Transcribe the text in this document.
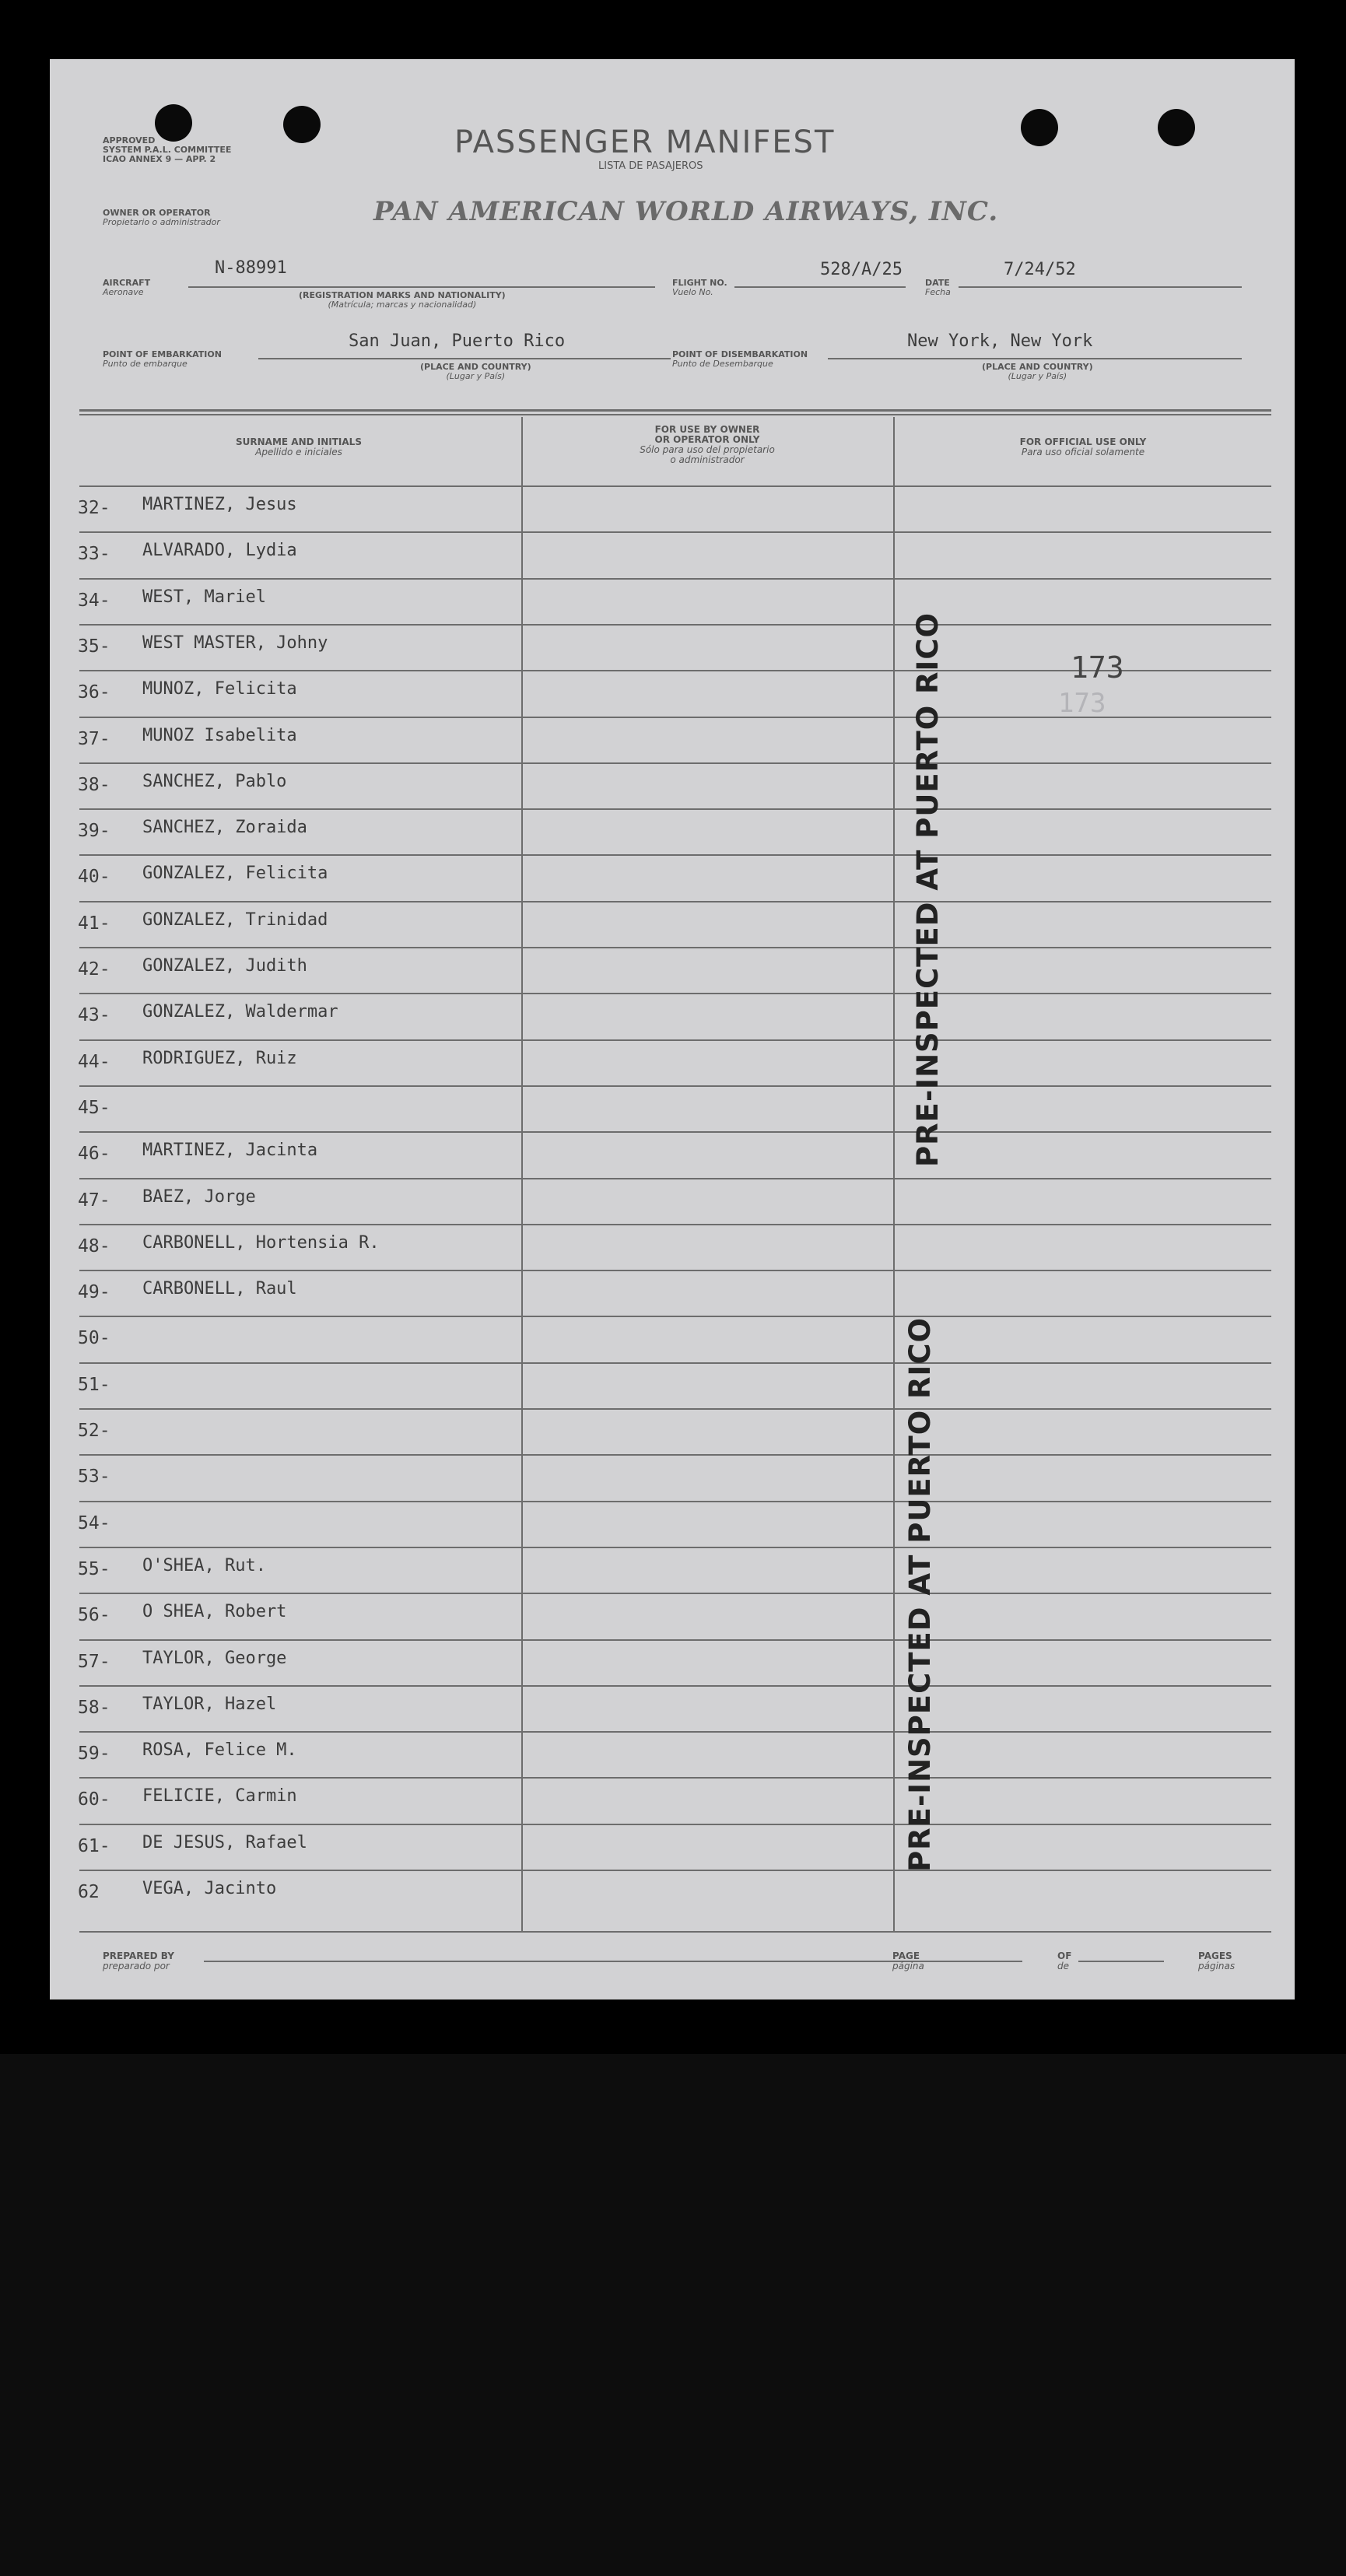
APPROVED
SYSTEM P.A.L. COMMITTEE
ICAO ANNEX 9 — APP. 2	PASSENGER MANIFEST
LISTA DE PASAJEROS
OWNER OR OPERATOR
Propietario o administrador	PAN AMERICAN WORLD AIRWAYS, INC.
AIRCRAFT
Aeronave
N-88991
(REGISTRATION MARKS AND NATIONALITY)
(Matrícula; marcas y nacionalidad)
FLIGHT NO.
Vuelo No.
528/A/25
DATE
Fecha
7/24/52
POINT OF EMBARKATION
Punto de embarque
San Juan, Puerto Rico
(PLACE AND COUNTRY)
(Lugar y País)
POINT OF DISEMBARKATION
Punto de Desembarque
New York, New York
(PLACE AND COUNTRY)
(Lugar y País)
SURNAME AND INITIALS
Apellido e iniciales
FOR USE BY OWNER
OR OPERATOR ONLY
Sólo para uso del propietario
o administrador
FOR OFFICIAL USE ONLY
Para uso oficial solamente
32- MARTINEZ, Jesus
33- ALVARADO, Lydia
34- WEST, Mariel
35- WEST MASTER, Johny
36- MUNOZ, Felicita
37- MUNOZ Isabelita
38- SANCHEZ, Pablo
39- SANCHEZ, Zoraida
40- GONZALEZ, Felicita
41- GONZALEZ, Trinidad
42- GONZALEZ, Judith
43- GONZALEZ, Waldermar
44- RODRIGUEZ, Ruiz
45-
46- MARTINEZ, Jacinta
47- BAEZ, Jorge
48- CARBONELL, Hortensia R.
49- CARBONELL, Raul
50-
51-
52-
53-
54-
55- O'SHEA, Rut.
56- O SHEA, Robert
57- TAYLOR, George
58- TAYLOR, Hazel
59- ROSA, Felice M.
60- FELICIE, Carmin
61- DE JESUS, Rafael
62	VEGA, Jacinto
173
173
PRE-INSPECTED AT PUERTO RICO
PRE-INSPECTED AT PUERTO RICO
PREPARED BY
preparado por
PAGE
página
OF
de
PAGES
páginas
